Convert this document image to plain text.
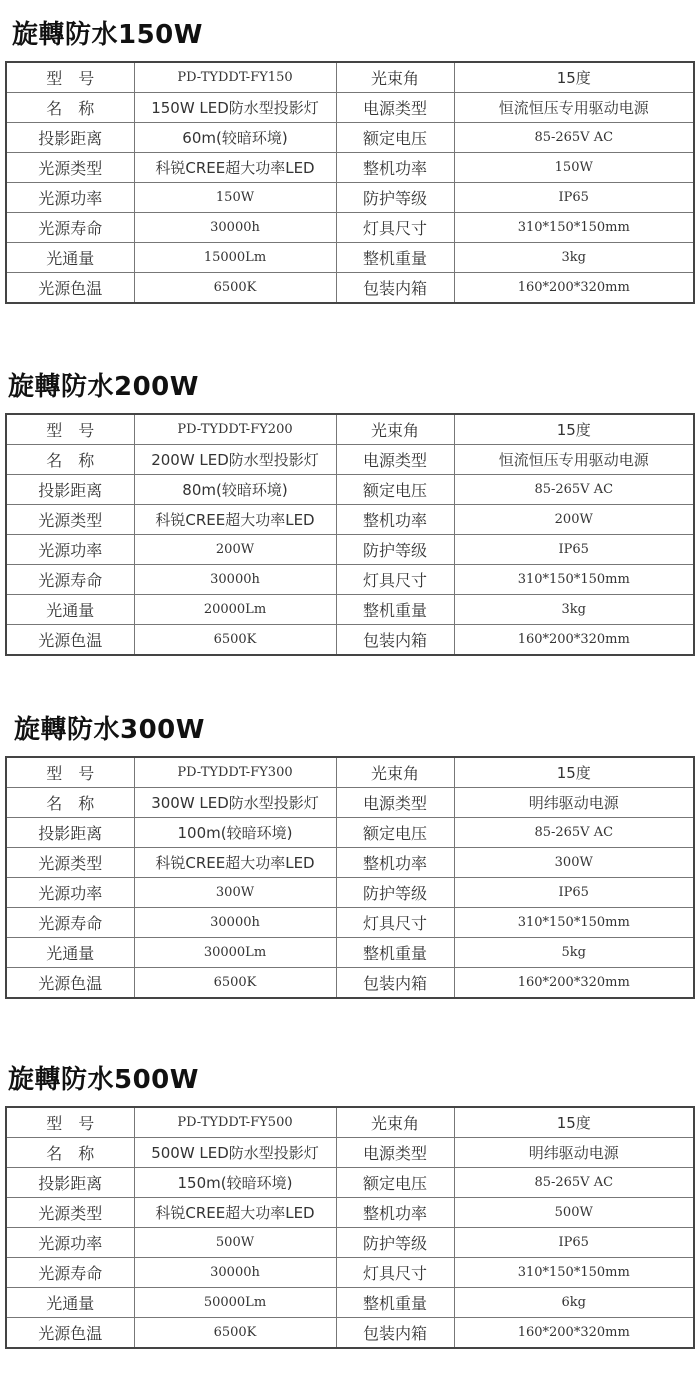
旋轉防水150W
型　号	PD-TYDDT-FY150	光束角	15度
名　称	150W LED防水型投影灯	电源类型	恒流恒压专用驱动电源
投影距离	60m(较暗环境)	额定电压	85-265V AC
光源类型	科锐CREE超大功率LED	整机功率	150W
光源功率	150W	防护等级	IP65
光源寿命	30000h	灯具尺寸	310*150*150mm
光通量	15000Lm	整机重量	3kg
光源色温	6500K	包装内箱	160*200*320mm
旋轉防水200W
型　号	PD-TYDDT-FY200	光束角	15度
名　称	200W LED防水型投影灯	电源类型	恒流恒压专用驱动电源
投影距离	80m(较暗环境)	额定电压	85-265V AC
光源类型	科锐CREE超大功率LED	整机功率	200W
光源功率	200W	防护等级	IP65
光源寿命	30000h	灯具尺寸	310*150*150mm
光通量	20000Lm	整机重量	3kg
光源色温	6500K	包装内箱	160*200*320mm
旋轉防水300W
型　号	PD-TYDDT-FY300	光束角	15度
名　称	300W LED防水型投影灯	电源类型	明纬驱动电源
投影距离	100m(较暗环境)	额定电压	85-265V AC
光源类型	科锐CREE超大功率LED	整机功率	300W
光源功率	300W	防护等级	IP65
光源寿命	30000h	灯具尺寸	310*150*150mm
光通量	30000Lm	整机重量	5kg
光源色温	6500K	包装内箱	160*200*320mm
旋轉防水500W
型　号	PD-TYDDT-FY500	光束角	15度
名　称	500W LED防水型投影灯	电源类型	明纬驱动电源
投影距离	150m(较暗环境)	额定电压	85-265V AC
光源类型	科锐CREE超大功率LED	整机功率	500W
光源功率	500W	防护等级	IP65
光源寿命	30000h	灯具尺寸	310*150*150mm
光通量	50000Lm	整机重量	6kg
光源色温	6500K	包装内箱	160*200*320mm
